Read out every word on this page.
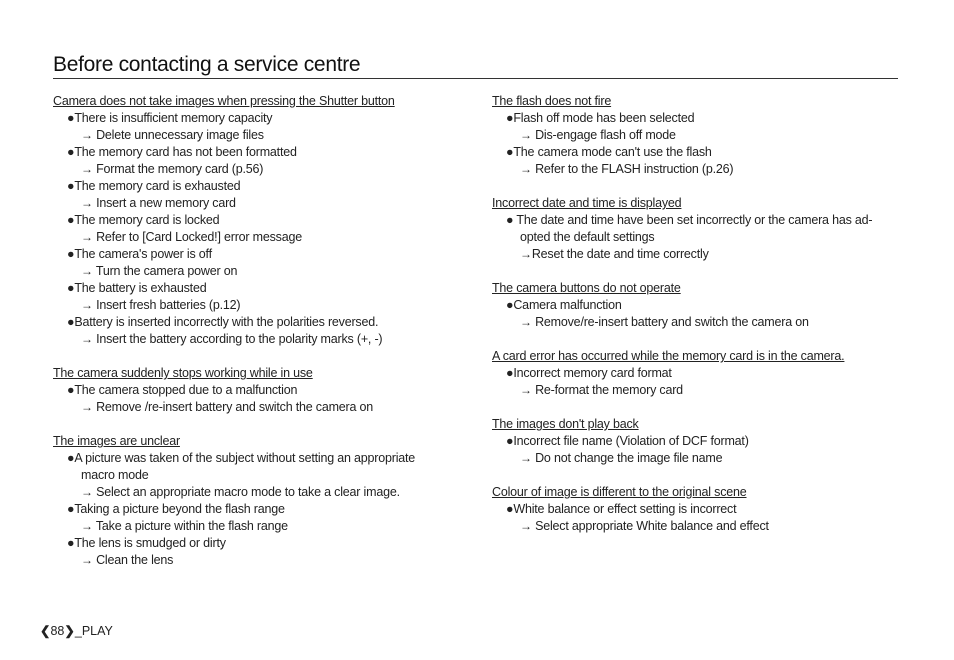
Before contacting a service centre
Camera does not take images when pressing the Shutter button
●There is insufficient memory capacity
→ Delete unnecessary image files
●The memory card has not been formatted
→ Format the memory card (p.56)
●The memory card is exhausted
→ Insert a new memory card
●The memory card is locked
→ Refer to [Card Locked!] error message
●The camera's power is off
→ Turn the camera power on
●The battery is exhausted
→ Insert fresh batteries (p.12)
●Battery is inserted incorrectly with the polarities reversed.
→ Insert the battery according to the polarity marks (+, -)
The camera suddenly stops working while in use
●The camera stopped due to a malfunction
→ Remove /re-insert battery and switch the camera on
The images are unclear
●A picture was taken of the subject without setting an appropriate
macro mode
→ Select an appropriate macro mode to take a clear image.
●Taking a picture beyond the flash range
→ Take a picture within the flash range
●The lens is smudged or dirty
→ Clean the lens
The flash does not fire
●Flash off mode has been selected
→ Dis-engage flash off mode
●The camera mode can't use the flash
→ Refer to the FLASH instruction (p.26)
Incorrect date and time is displayed
● The date and time have been set incorrectly or the camera has ad-
opted the default settings
→Reset the date and time correctly
The camera buttons do not operate
●Camera malfunction
→ Remove/re-insert battery and switch the camera on
A card error has occurred while the memory card is in the camera.
●Incorrect memory card format
→ Re-format the memory card
The images don't play back
●Incorrect file name (Violation of DCF format)
→ Do not change the image file name
Colour of image is different to the original scene
●White balance or effect setting is incorrect
→ Select appropriate White balance and effect
❮88❯_PLAY
